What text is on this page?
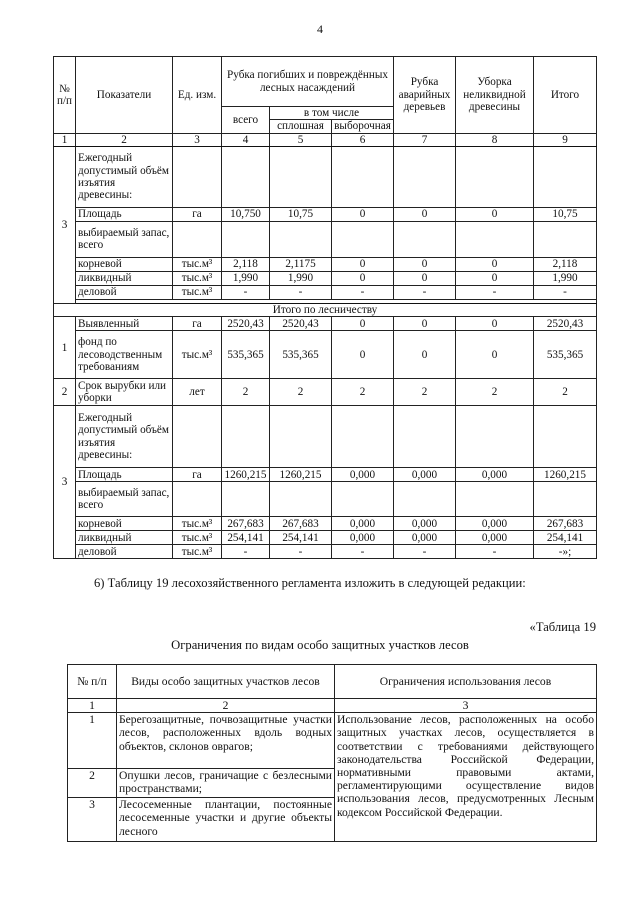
4
№ п/п	Показатели	Ед. изм.	Рубка погибших и повреждённых лесных насаждений			Рубка аварийных деревьев	Уборка неликвидной древесины	Итого
			всего	в том числе				
				сплошная	выборочная			
1	2	3	4	5	6	7	8	9
3	Ежегодный допустимый объём изъятия древесины:							
	Площадь	га	10,750	10,75	0	0	0	10,75
	выбираемый запас, всего							
	корневой	тыс.м³	2,118	2,1175	0	0	0	2,118
	ликвидный	тыс.м³	1,990	1,990	0	0	0	1,990
	деловой	тыс.м³	-	-	-	-	-	-

Итого по лесничеству								
1	Выявленный	га	2520,43	2520,43	0	0	0	2520,43
	фонд по лесоводственным требованиям	тыс.м³	535,365	535,365	0	0	0	535,365
2	Срок вырубки или уборки	лет	2	2	2	2	2	2
3	Ежегодный допустимый объём изъятия древесины:							
	Площадь	га	1260,215	1260,215	0,000	0,000	0,000	1260,215
	выбираемый запас, всего							
	корневой	тыс.м³	267,683	267,683	0,000	0,000	0,000	267,683
	ликвидный	тыс.м³	254,141	254,141	0,000	0,000	0,000	254,141
	деловой	тыс.м³	-	-	-	-	-	-»;
6) Таблицу 19 лесохозяйственного регламента изложить в следующей редакции:
«Таблица 19
Ограничения по видам особо защитных участков лесов
№ п/п	Виды особо защитных участков лесов	Ограничения использования лесов
1	2	3
1	Берегозащитные, почвозащитные участки лесов, расположенных вдоль водных объектов, склонов оврагов;	Использование лесов, расположенных на особо защитных участках лесов, осуществляется в соответствии с требованиями действующего законодательства Российской Федерации, нормативными правовыми актами, регламентирующими осуществление видов использования лесов, предусмотренных Лесным кодексом Российской Федерации.
2	Опушки лесов, граничащие с безлесными пространствами;	
3	Лесосеменные плантации, постоянные лесосеменные участки и другие объекты лесного	
